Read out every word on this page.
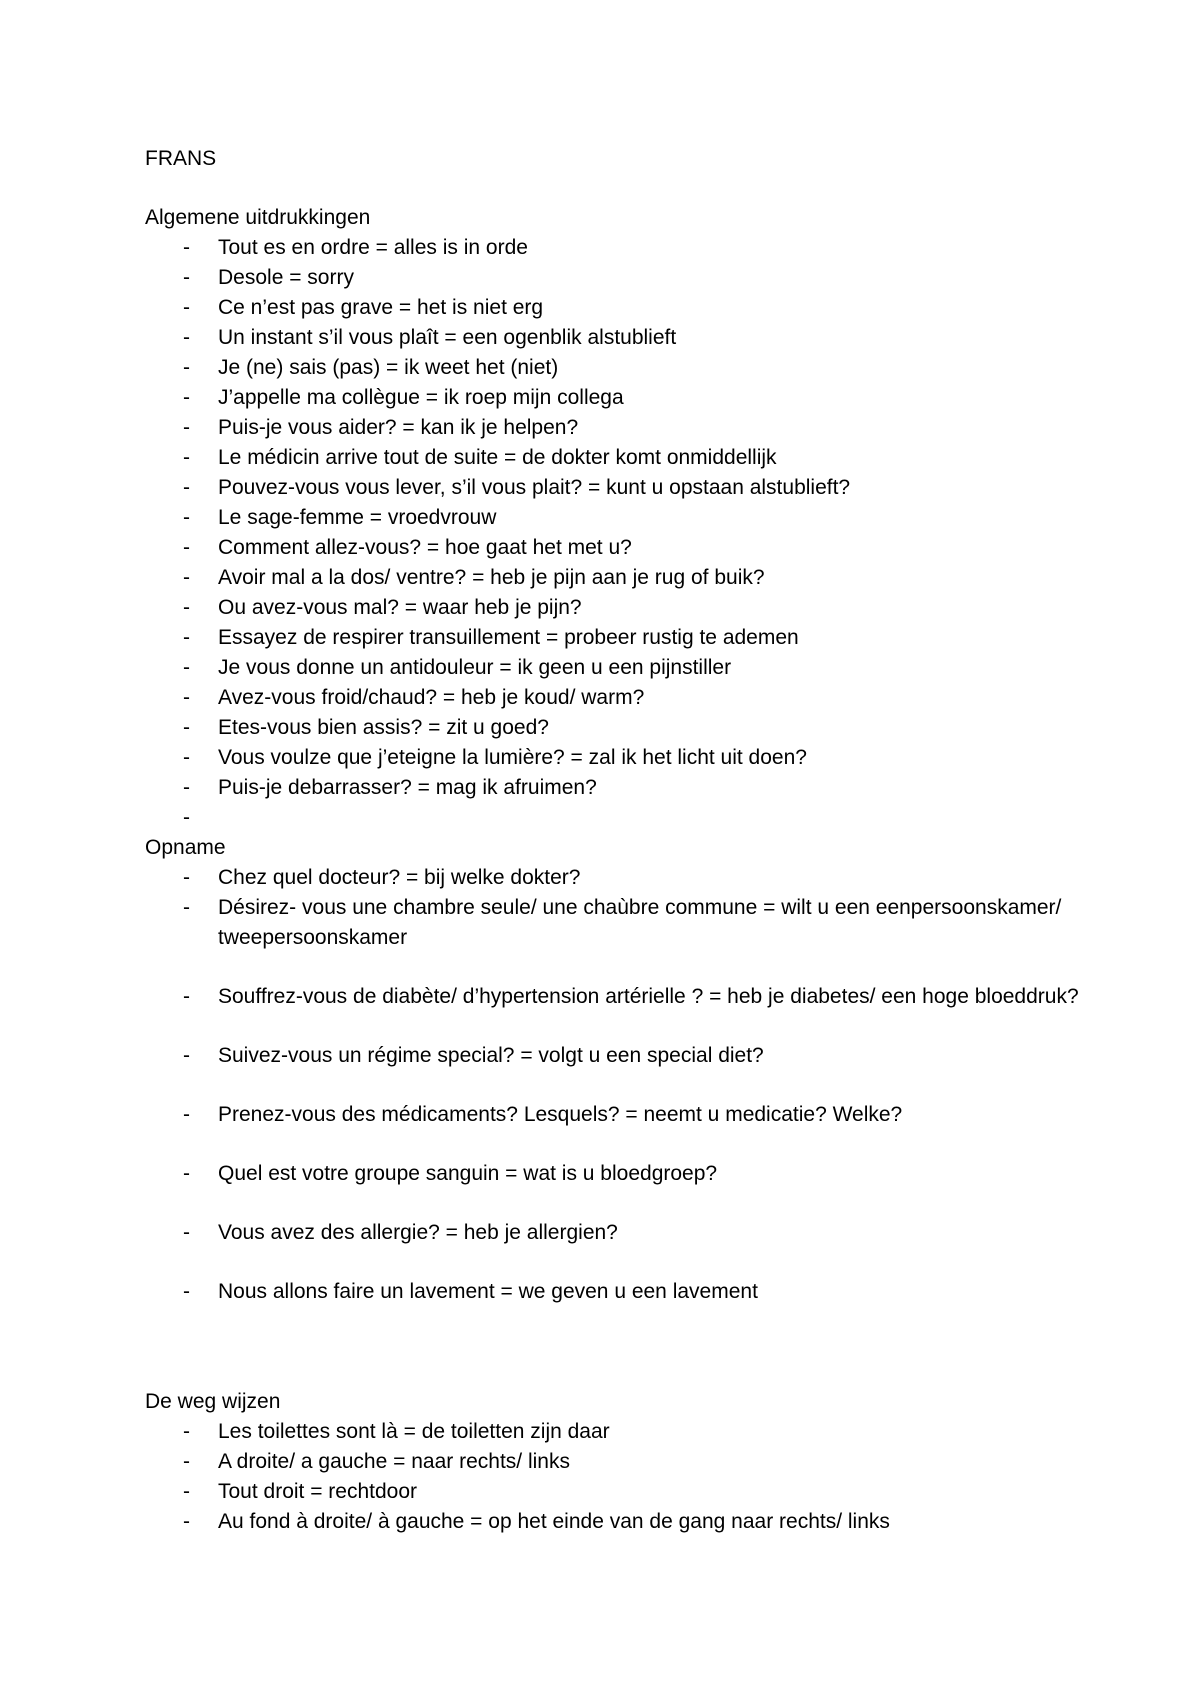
FRANS
Algemene uitdrukkingen
- Tout es en ordre = alles is in orde
- Desole = sorry
- Ce n’est pas grave = het is niet erg
- Un instant s’il vous plaît = een ogenblik alstublieft
- Je (ne) sais (pas) = ik weet het (niet)
- J’appelle ma collègue = ik roep mijn collega
- Puis-je vous aider? = kan ik je helpen?
- Le médicin arrive tout de suite = de dokter komt onmiddellijk
- Pouvez-vous vous lever, s’il vous plait? = kunt u opstaan alstublieft?
- Le sage-femme = vroedvrouw
- Comment allez-vous? = hoe gaat het met u?
- Avoir mal a la dos/ ventre? = heb je pijn aan je rug of buik?
- Ou avez-vous mal? = waar heb je pijn?
- Essayez de respirer transuillement = probeer rustig te ademen
- Je vous donne un antidouleur = ik geen u een pijnstiller
- Avez-vous froid/chaud? = heb je koud/ warm?
- Etes-vous bien assis? = zit u goed?
- Vous voulze que j’eteigne la lumière? = zal ik het licht uit doen?
- Puis-je debarrasser? = mag ik afruimen?
-
Opname
- Chez quel docteur? = bij welke dokter?
- Désirez- vous une chambre seule/ une chaùbre commune = wilt u een eenpersoonskamer/ tweepersoonskamer
- Souffrez-vous de diabète/ d’hypertension artérielle ? = heb je diabetes/ een hoge bloeddruk?
- Suivez-vous un régime special? = volgt u een special diet?
- Prenez-vous des médicaments? Lesquels? = neemt u medicatie? Welke?
- Quel est votre groupe sanguin = wat is u bloedgroep?
- Vous avez des allergie? = heb je allergien?
- Nous allons faire un lavement = we geven u een lavement
De weg wijzen
- Les toilettes sont là = de toiletten zijn daar
- A droite/ a gauche = naar rechts/ links
- Tout droit = rechtdoor
- Au fond à droite/ à gauche = op het einde van de gang naar rechts/ links
